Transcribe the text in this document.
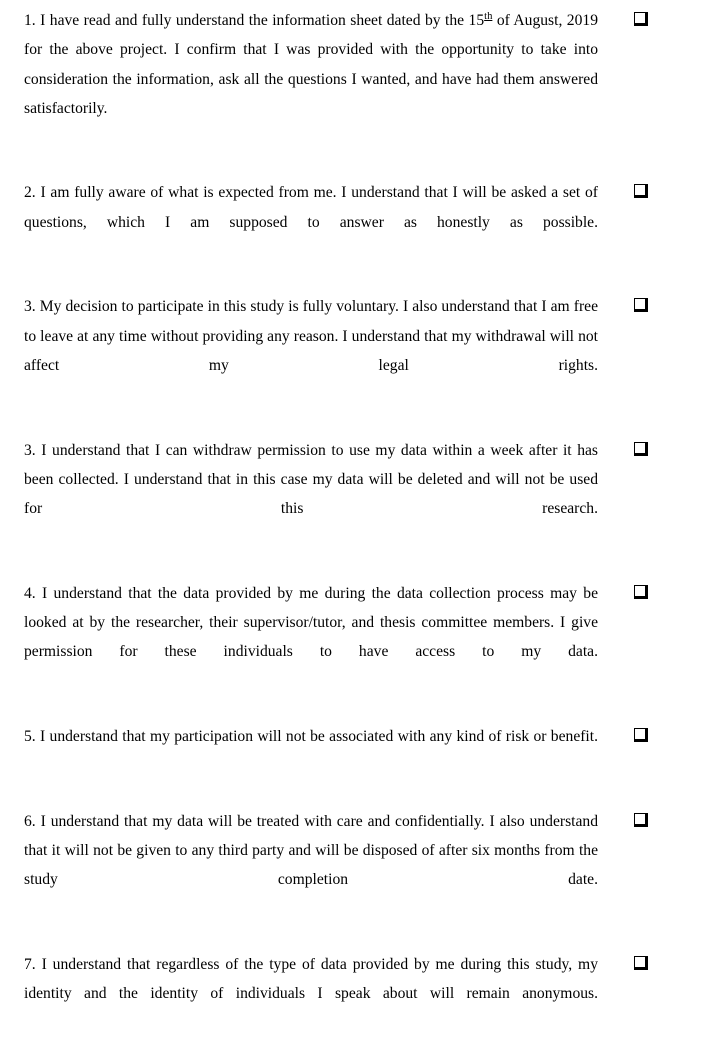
1. I have read and fully understand the information sheet dated by the 15th of August, 2019 for the above project. I confirm that I was provided with the opportunity to take into consideration the information, ask all the questions I wanted, and have had them answered satisfactorily.
2. I am fully aware of what is expected from me. I understand that I will be asked a set of questions, which I am supposed to answer as honestly as possible.
3. My decision to participate in this study is fully voluntary. I also understand that I am free to leave at any time without providing any reason. I understand that my withdrawal will not affect my legal rights.
3. I understand that I can withdraw permission to use my data within a week after it has been collected. I understand that in this case my data will be deleted and will not be used for this research.
4. I understand that the data provided by me during the data collection process may be looked at by the researcher, their supervisor/tutor, and thesis committee members. I give permission for these individuals to have access to my data.
5. I understand that my participation will not be associated with any kind of risk or benefit.
6. I understand that my data will be treated with care and confidentially. I also understand that it will not be given to any third party and will be disposed of after six months from the study completion date.
7. I understand that regardless of the type of data provided by me during this study, my identity and the identity of individuals I speak about will remain anonymous.
